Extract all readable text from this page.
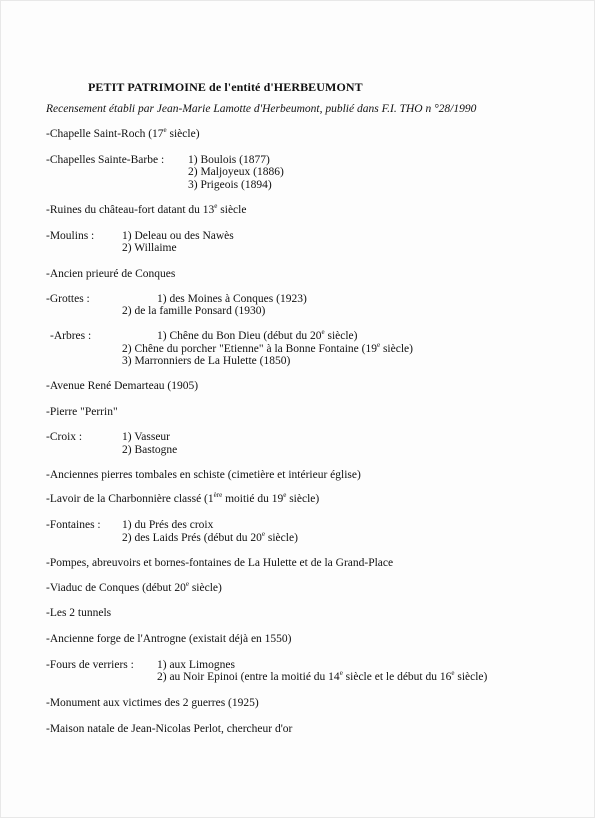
PETIT PATRIMOINE de l'entité d'HERBEUMONT
Recensement établi par Jean-Marie Lamotte d'Herbeumont, publié dans F.I. THO n °28/1990
-Chapelle Saint-Roch (17e siècle)
-Chapelles Sainte-Barbe : 1) Boulois (1877)
2) Maljoyeux (1886)
3) Prigeois (1894)
-Ruines du château-fort datant du 13e siècle
-Moulins : 1) Deleau ou des Nawès
2) Willaime
-Ancien prieuré de Conques
-Grottes :	1) des Moines à Conques (1923)
2) de la famille Ponsard (1930)
-Arbres :	1) Chêne du Bon Dieu (début du 20e siècle)
2) Chêne du porcher "Etienne" à la Bonne Fontaine (19e siècle)
3) Marronniers de La Hulette (1850)
-Avenue René Demarteau (1905)
-Pierre "Perrin"
-Croix :	1) Vasseur
2) Bastogne
-Anciennes pierres tombales en schiste (cimetière et intérieur église)
-Lavoir de la Charbonnière classé (1ère moitié du 19e siècle)
-Fontaines : 1) du Prés des croix
2) des Laids Prés (début du 20e siècle)
-Pompes, abreuvoirs et bornes-fontaines de La Hulette et de la Grand-Place
-Viaduc de Conques (début 20e siècle)
-Les 2 tunnels
-Ancienne forge de l'Antrogne (existait déjà en 1550)
-Fours de verriers : 1) aux Limognes
2) au Noir Epinoi (entre la moitié du 14e siècle et le début du 16e siècle)
-Monument aux victimes des 2 guerres (1925)
-Maison natale de Jean-Nicolas Perlot, chercheur d'or
